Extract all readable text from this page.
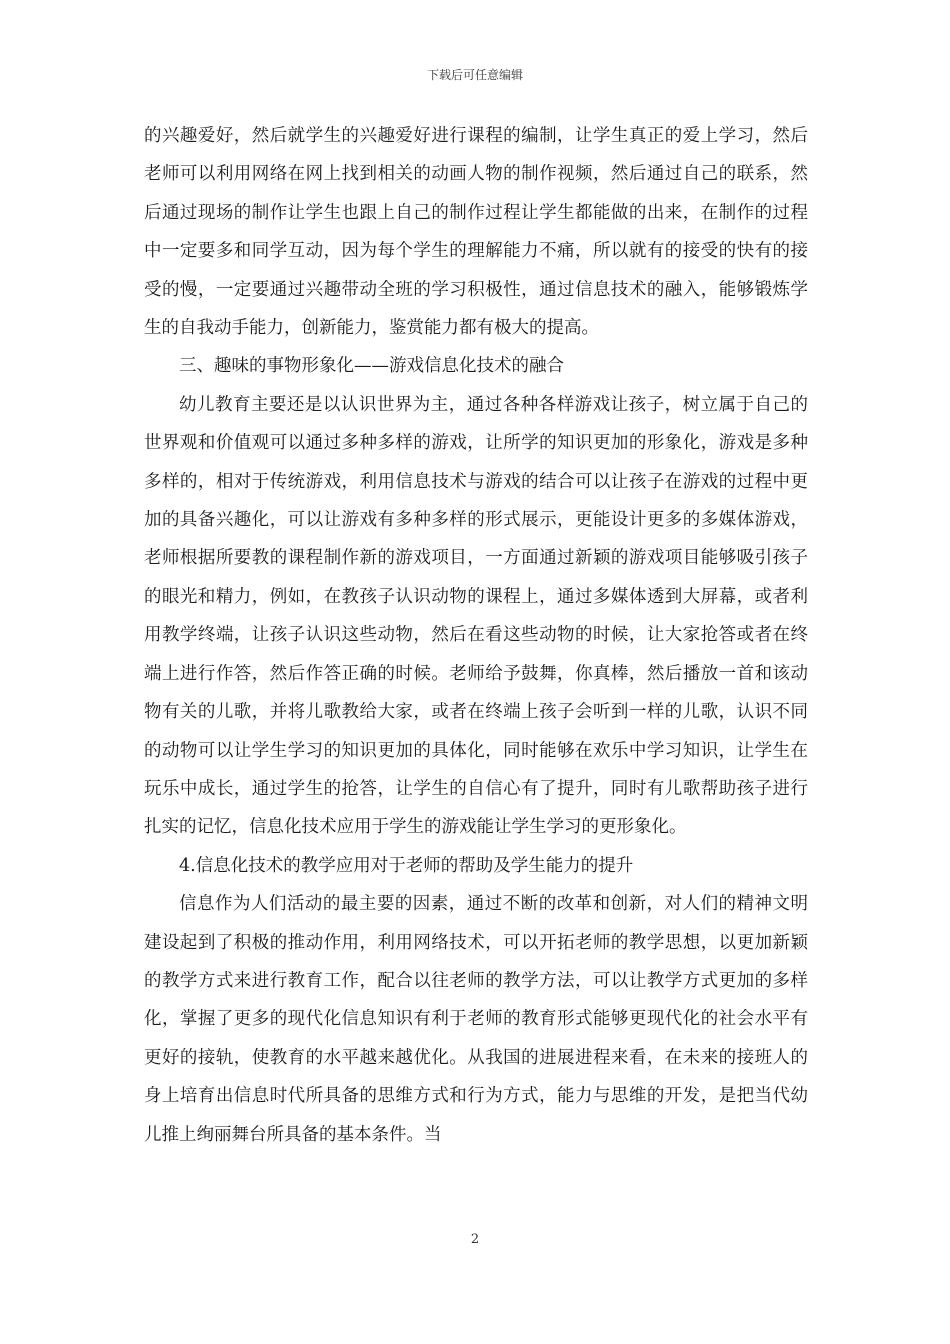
下载后可任意编辑

的兴趣爱好，然后就学生的兴趣爱好进行课程的编制，让学生真正的爱上学习，然后老师可以利用网络在网上找到相关的动画人物的制作视频，然后通过自己的联系，然后通过现场的制作让学生也跟上自己的制作过程让学生都能做的出来，在制作的过程中一定要多和同学互动，因为每个学生的理解能力不痛，所以就有的接受的快有的接受的慢，一定要通过兴趣带动全班的学习积极性，通过信息技术的融入，能够锻炼学生的自我动手能力，创新能力，鉴赏能力都有极大的提高。

三、趣味的事物形象化——游戏信息化技术的融合

幼儿教育主要还是以认识世界为主，通过各种各样游戏让孩子，树立属于自己的世界观和价值观可以通过多种多样的游戏，让所学的知识更加的形象化，游戏是多种多样的，相对于传统游戏，利用信息技术与游戏的结合可以让孩子在游戏的过程中更加的具备兴趣化，可以让游戏有多种多样的形式展示，更能设计更多的多媒体游戏，老师根据所要教的课程制作新的游戏项目，一方面通过新颖的游戏项目能够吸引孩子的眼光和精力，例如，在教孩子认识动物的课程上，通过多媒体透到大屏幕，或者利用教学终端，让孩子认识这些动物，然后在看这些动物的时候，让大家抢答或者在终端上进行作答，然后作答正确的时候。老师给予鼓舞，你真棒，然后播放一首和该动物有关的儿歌，并将儿歌教给大家，或者在终端上孩子会听到一样的儿歌，认识不同的动物可以让学生学习的知识更加的具体化，同时能够在欢乐中学习知识，让学生在玩乐中成长，通过学生的抢答，让学生的自信心有了提升，同时有儿歌帮助孩子进行扎实的记忆，信息化技术应用于学生的游戏能让学生学习的更形象化。

4.信息化技术的教学应用对于老师的帮助及学生能力的提升

信息作为人们活动的最主要的因素，通过不断的改革和创新，对人们的精神文明建设起到了积极的推动作用，利用网络技术，可以开拓老师的教学思想，以更加新颖的教学方式来进行教育工作，配合以往老师的教学方法，可以让教学方式更加的多样化，掌握了更多的现代化信息知识有利于老师的教育形式能够更现代化的社会水平有更好的接轨，使教育的水平越来越优化。从我国的进展进程来看，在未来的接班人的身上培育出信息时代所具备的思维方式和行为方式，能力与思维的开发，是把当代幼儿推上绚丽舞台所具备的基本条件。当

2
